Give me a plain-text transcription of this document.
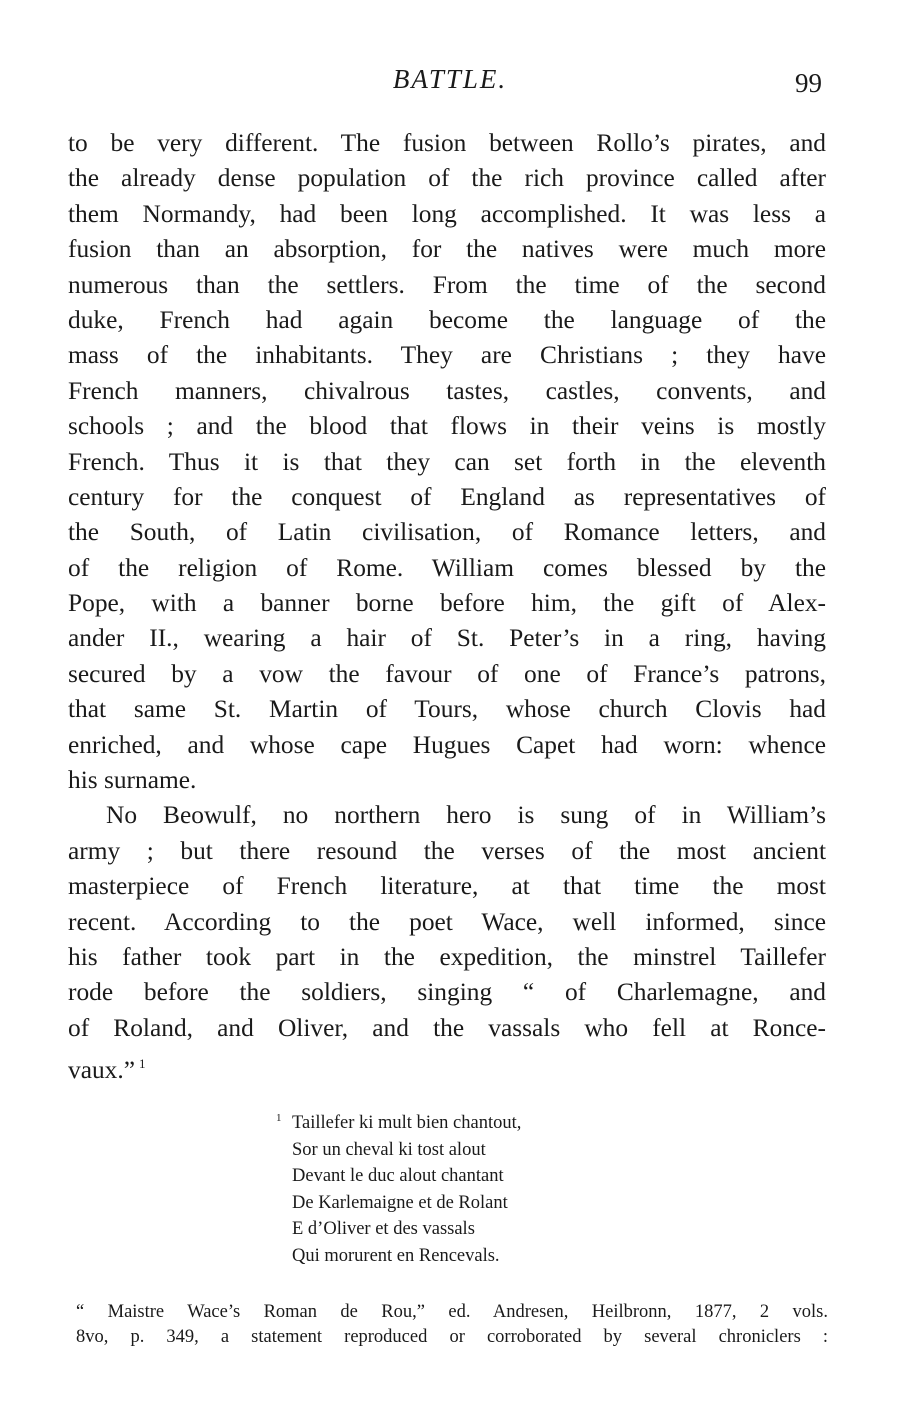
BATTLE.	99
to be very different. The fusion between Rollo’s pirates, and
the already dense population of the rich province called after
them Normandy, had been long accomplished. It was less a
fusion than an absorption, for the natives were much more
numerous than the settlers. From the time of the second
duke, French had again become the language of the
mass of the inhabitants. They are Christians ; they have
French manners, chivalrous tastes, castles, convents, and
schools ; and the blood that flows in their veins is mostly
French. Thus it is that they can set forth in the eleventh
century for the conquest of England as representatives of
the South, of Latin civilisation, of Romance letters, and
of the religion of Rome. William comes blessed by the
Pope, with a banner borne before him, the gift of Alex-
ander II., wearing a hair of St. Peter’s in a ring, having
secured by a vow the favour of one of France’s patrons,
that same St. Martin of Tours, whose church Clovis had
enriched, and whose cape Hugues Capet had worn: whence
his surname.
No Beowulf, no northern hero is sung of in William’s
army ; but there resound the verses of the most ancient
masterpiece of French literature, at that time the most
recent. According to the poet Wace, well informed, since
his father took part in the expedition, the minstrel Taillefer
rode before the soldiers, singing “ of Charlemagne, and
of Roland, and Oliver, and the vassals who fell at Ronce-
vaux.” $^1$
1 Taillefer ki mult bien chantout,
Sor un cheval ki tost alout
Devant le duc alout chantant
De Karlemaigne et de Rolant
E d’Oliver et des vassals
Qui morurent en Rencevals.
“ Maistre Wace’s Roman de Rou,” ed. Andresen, Heilbronn, 1877, 2 vols.
8vo, p. 349, a statement reproduced or corroborated by several chroniclers :
